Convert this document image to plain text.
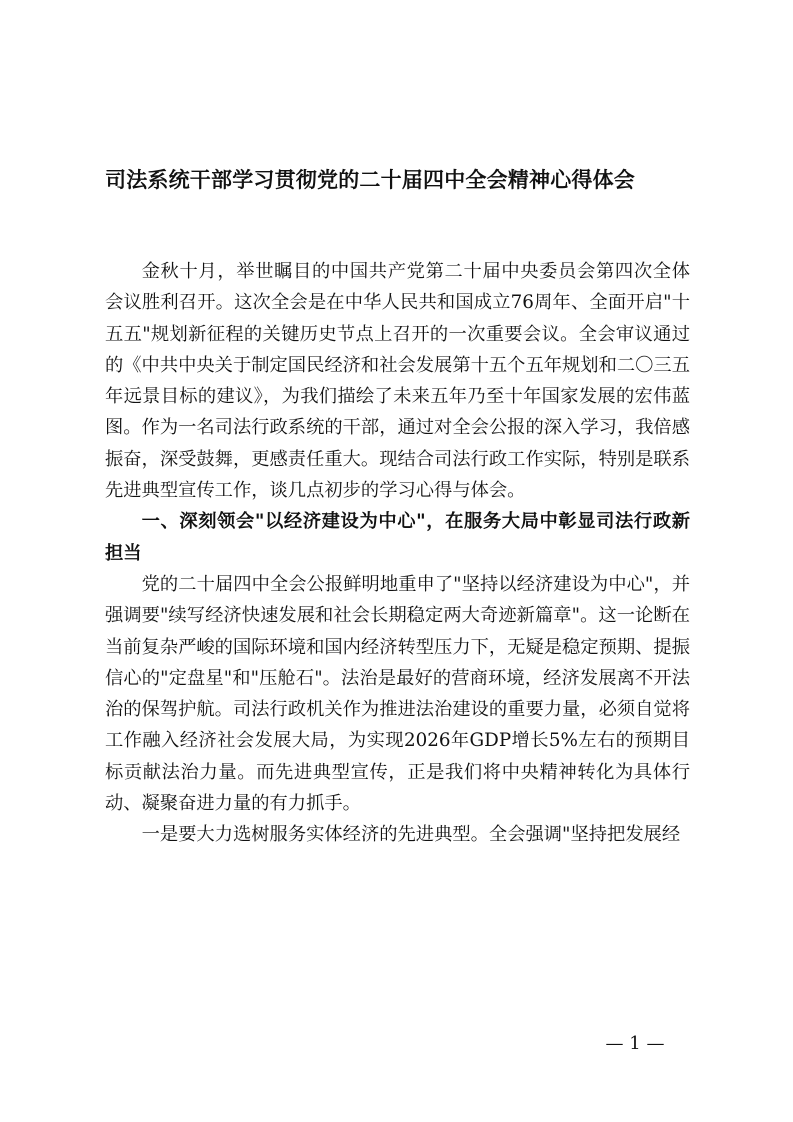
司法系统干部学习贯彻党的二十届四中全会精神心得体会

金秋十月，举世瞩目的中国共产党第二十届中央委员会第四次全体会议胜利召开。这次全会是在中华人民共和国成立76周年、全面开启"十五五"规划新征程的关键历史节点上召开的一次重要会议。全会审议通过的《中共中央关于制定国民经济和社会发展第十五个五年规划和二〇三五年远景目标的建议》，为我们描绘了未来五年乃至十年国家发展的宏伟蓝图。作为一名司法行政系统的干部，通过对全会公报的深入学习，我倍感振奋，深受鼓舞，更感责任重大。现结合司法行政工作实际，特别是联系先进典型宣传工作，谈几点初步的学习心得与体会。

一、深刻领会"以经济建设为中心"，在服务大局中彰显司法行政新担当

党的二十届四中全会公报鲜明地重申了"坚持以经济建设为中心"，并强调要"续写经济快速发展和社会长期稳定两大奇迹新篇章"。这一论断在当前复杂严峻的国际环境和国内经济转型压力下，无疑是稳定预期、提振信心的"定盘星"和"压舱石"。法治是最好的营商环境，经济发展离不开法治的保驾护航。司法行政机关作为推进法治建设的重要力量，必须自觉将工作融入经济社会发展大局，为实现2026年GDP增长5%左右的预期目标贡献法治力量。而先进典型宣传，正是我们将中央精神转化为具体行动、凝聚奋进力量的有力抓手。

一是要大力选树服务实体经济的先进典型。全会强调"坚持把发展经

— 1 —
